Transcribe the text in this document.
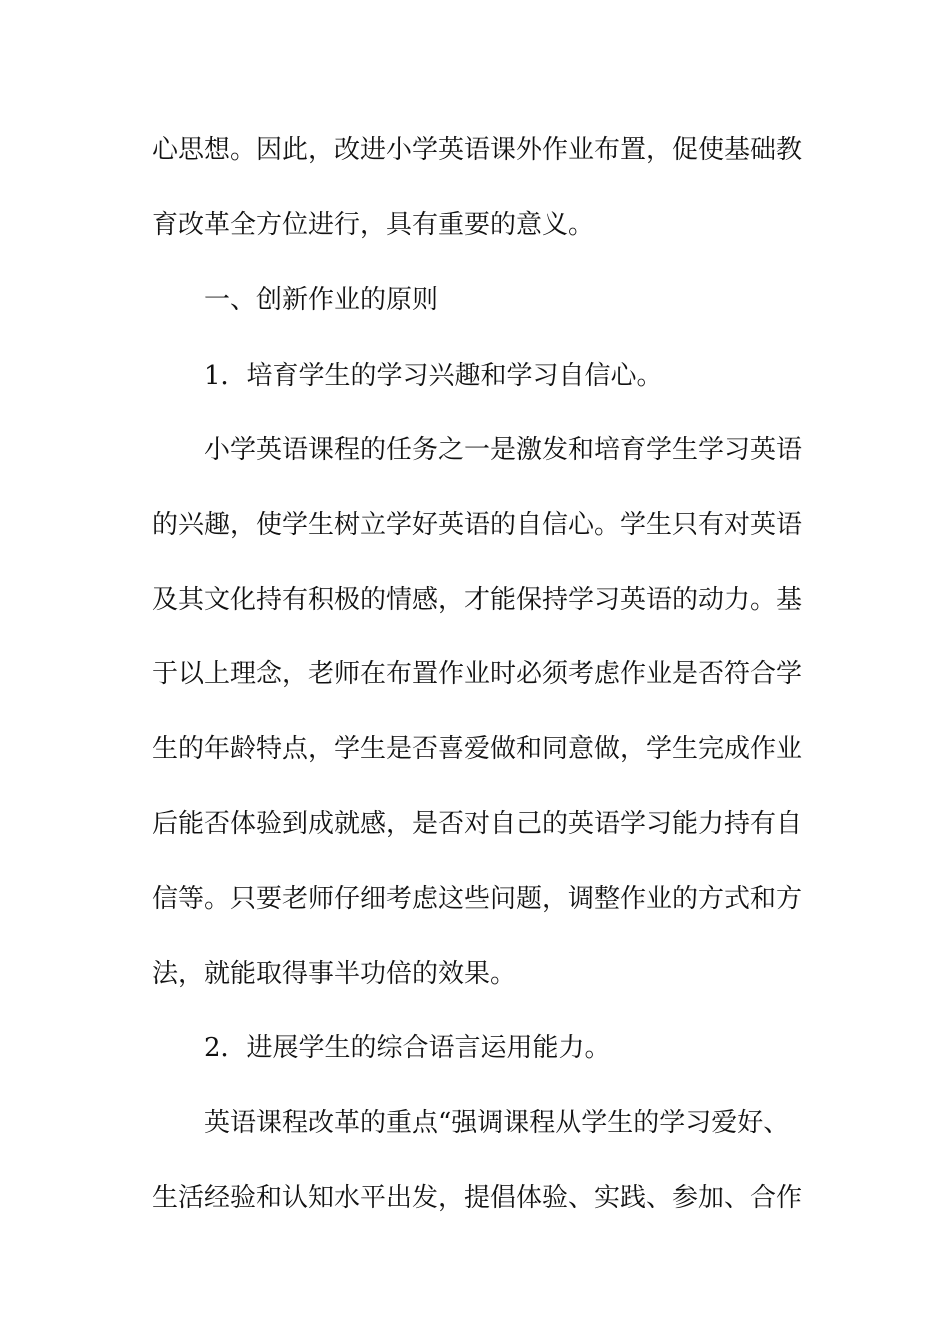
心思想。因此，改进小学英语课外作业布置，促使基础教
育改革全方位进行，具有重要的意义。
一、创新作业的原则
1．培育学生的学习兴趣和学习自信心。
小学英语课程的任务之一是激发和培育学生学习英语
的兴趣，使学生树立学好英语的自信心。学生只有对英语
及其文化持有积极的情感，才能保持学习英语的动力。基
于以上理念，老师在布置作业时必须考虑作业是否符合学
生的年龄特点，学生是否喜爱做和同意做，学生完成作业
后能否体验到成就感，是否对自己的英语学习能力持有自
信等。只要老师仔细考虑这些问题，调整作业的方式和方
法，就能取得事半功倍的效果。
2．进展学生的综合语言运用能力。
英语课程改革的重点“强调课程从学生的学习爱好、
生活经验和认知水平出发，提倡体验、实践、参加、合作
